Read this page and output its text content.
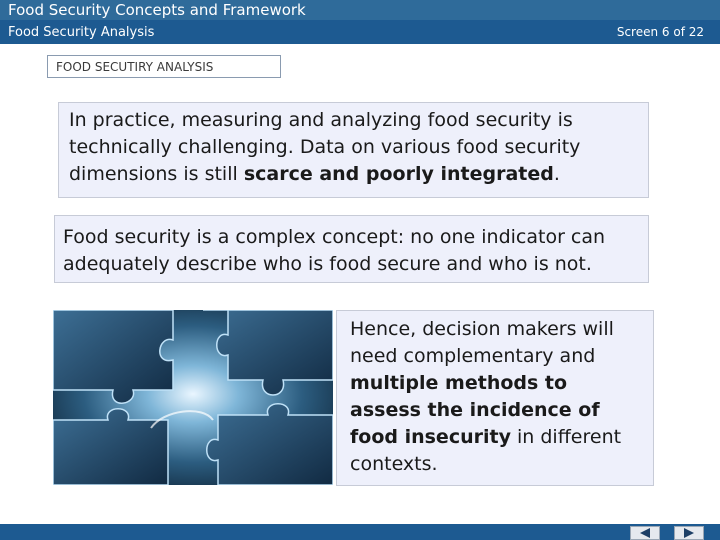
Food Security Concepts and Framework
Food Security Analysis	Screen 6 of 22
FOOD SECUTIRY ANALYSIS
In practice, measuring and analyzing food security is technically challenging. Data on various food security dimensions is still scarce and poorly integrated.
Food security is a complex concept: no one indicator can adequately describe who is food secure and who is not.
Hence, decision makers will need complementary and multiple methods to assess the incidence of food insecurity in different contexts.
